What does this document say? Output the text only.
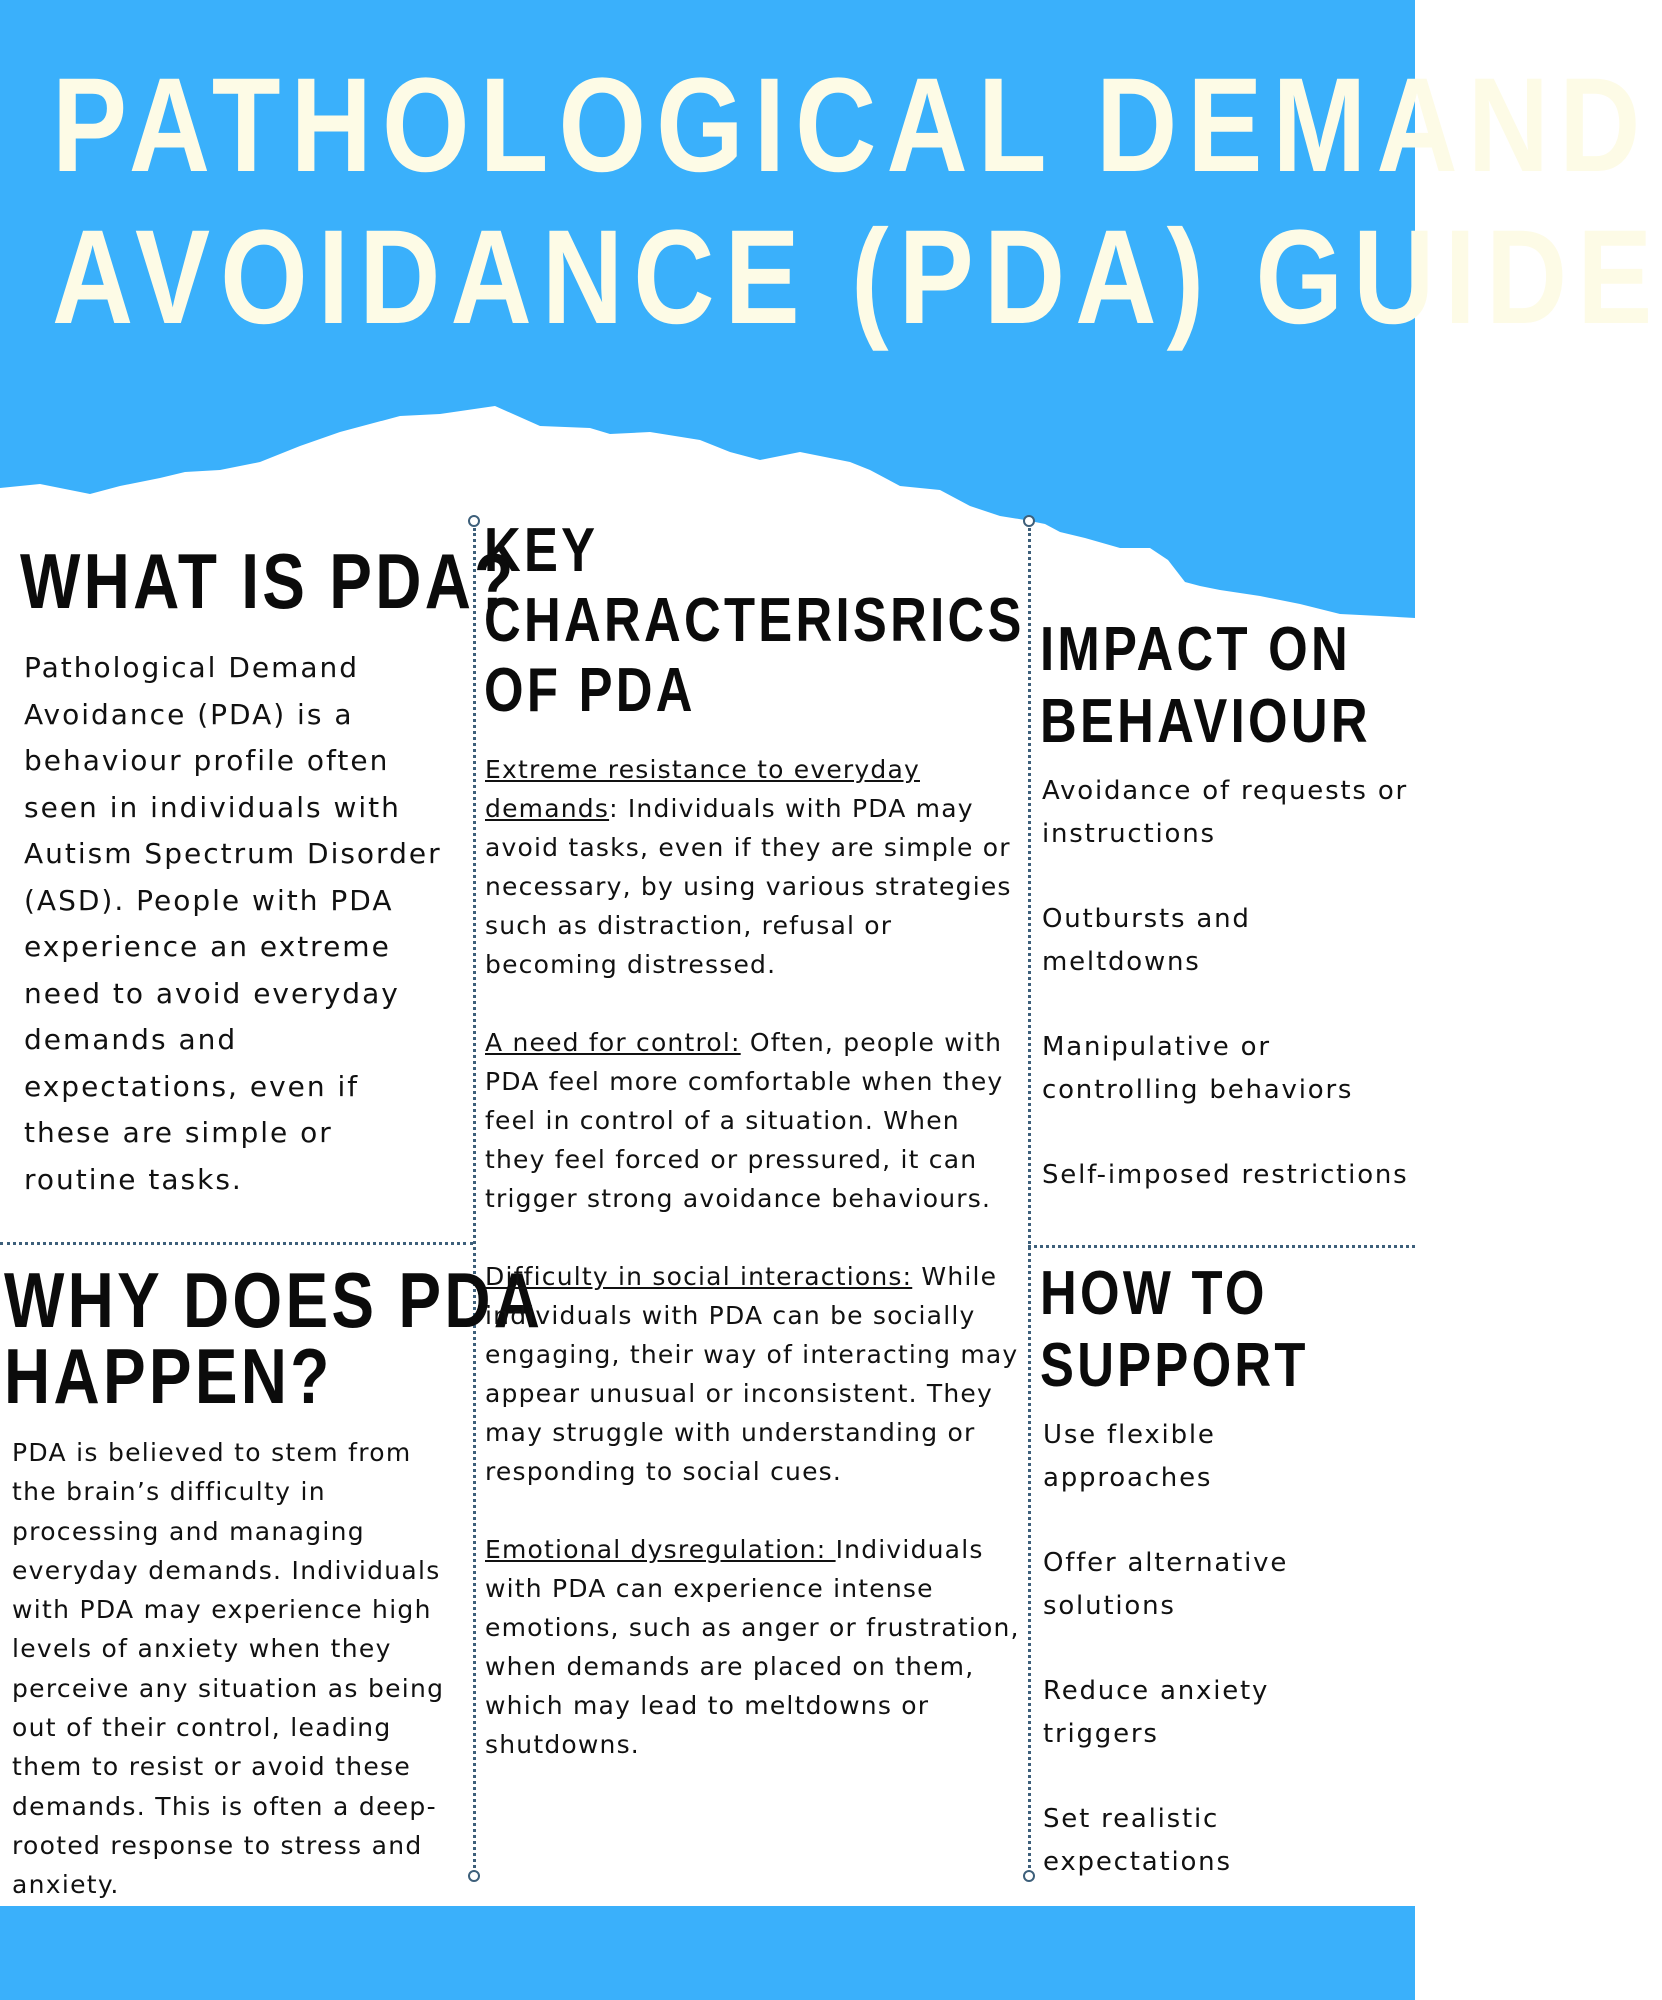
PATHOLOGICAL DEMAND
AVOIDANCE (PDA) GUIDE
WHAT IS PDA?
Pathological Demand Avoidance (PDA) is a behaviour profile often seen in individuals with Autism Spectrum Disorder (ASD). People with PDA experience an extreme need to avoid everyday demands and expectations, even if these are simple or routine tasks.
WHY DOES PDA
HAPPEN?
PDA is believed to stem from the brain’s difficulty in processing and managing everyday demands. Individuals with PDA may experience high levels of anxiety when they perceive any situation as being out of their control, leading them to resist or avoid these demands. This is often a deep-rooted response to stress and anxiety.
KEY
CHARACTERISRICS
OF PDA

Extreme resistance to everyday demands: Individuals with PDA may avoid tasks, even if they are simple or necessary, by using various strategies such as distraction, refusal or becoming distressed.

A need for control: Often, people with PDA feel more comfortable when they feel in control of a situation. When they feel forced or pressured, it can trigger strong avoidance behaviours.

Difficulty in social interactions: While individuals with PDA can be socially engaging, their way of interacting may appear unusual or inconsistent. They may struggle with understanding or responding to social cues.

Emotional dysregulation: Individuals with PDA can experience intense emotions, such as anger or frustration, when demands are placed on them, which may lead to meltdowns or shutdowns.

IMPACT ON
BEHAVIOUR
Avoidance of requests or instructions
Outbursts and meltdowns
Manipulative or controlling behaviors
Self-imposed restrictions
HOW TO
SUPPORT
Use flexible approaches
Offer alternative solutions
Reduce anxiety triggers
Set realistic expectations
